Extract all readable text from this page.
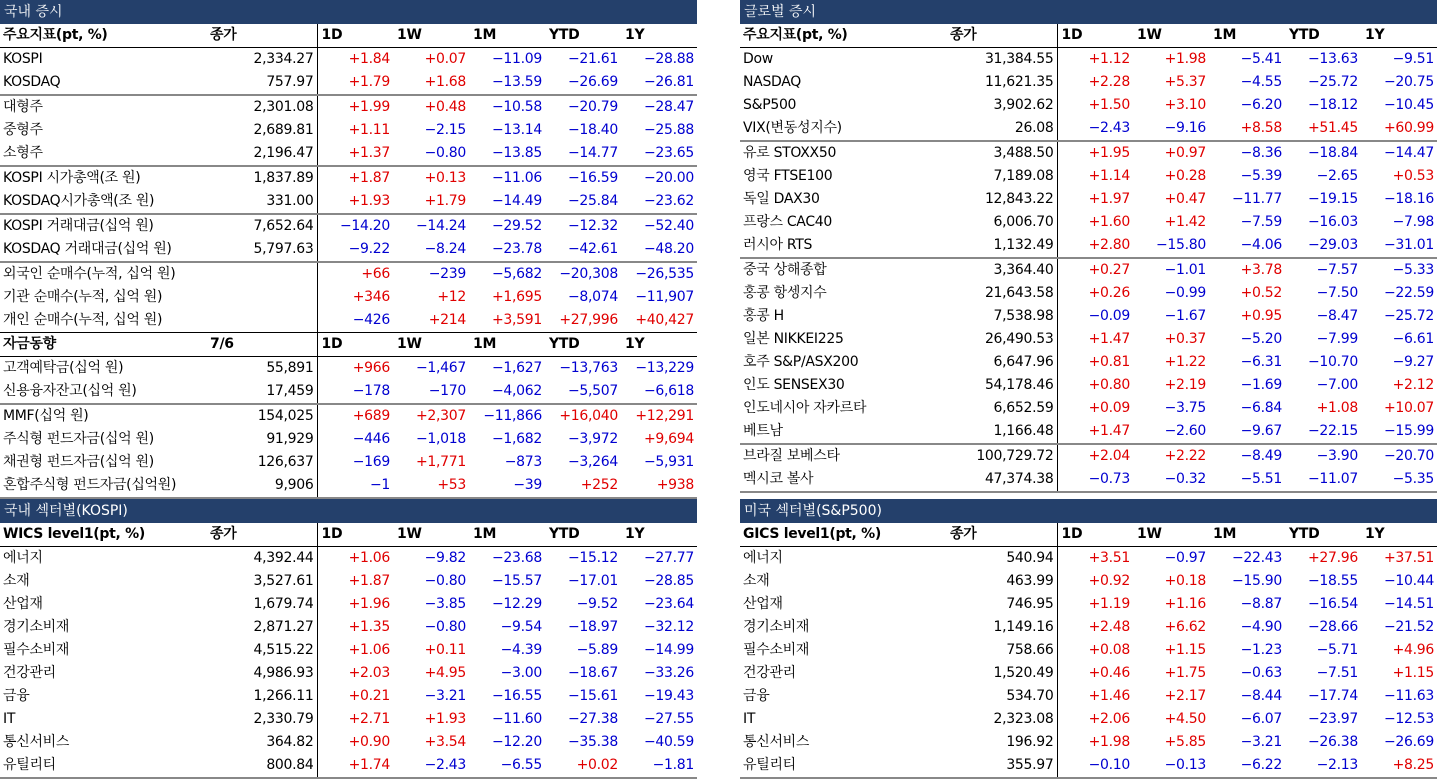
국내 증시
주요지표(pt, %)	종가	1D	1W	1M	YTD	1Y
KOSPI	2,334.27	+1.84	+0.07	−11.09	−21.61	−28.88
KOSDAQ	757.97	+1.79	+1.68	−13.59	−26.69	−26.81
대형주	2,301.08	+1.99	+0.48	−10.58	−20.79	−28.47
중형주	2,689.81	+1.11	−2.15	−13.14	−18.40	−25.88
소형주	2,196.47	+1.37	−0.80	−13.85	−14.77	−23.65
KOSPI 시가총액(조 원)	1,837.89	+1.87	+0.13	−11.06	−16.59	−20.00
KOSDAQ시가총액(조 원)	331.00	+1.93	+1.79	−14.49	−25.84	−23.62
KOSPI 거래대금(십억 원)	7,652.64	−14.20	−14.24	−29.52	−12.32	−52.40
KOSDAQ 거래대금(십억 원)	5,797.63	−9.22	−8.24	−23.78	−42.61	−48.20
외국인 순매수(누적, 십억 원)		+66	−239	−5,682	−20,308	−26,535
기관 순매수(누적, 십억 원)		+346	+12	+1,695	−8,074	−11,907
개인 순매수(누적, 십억 원)		−426	+214	+3,591	+27,996	+40,427
자금동향	7/6	1D	1W	1M	YTD	1Y
고객예탁금(십억 원)	55,891	+966	−1,467	−1,627	−13,763	−13,229
신용융자잔고(십억 원)	17,459	−178	−170	−4,062	−5,507	−6,618
MMF(십억 원)	154,025	+689	+2,307	−11,866	+16,040	+12,291
주식형 펀드자금(십억 원)	91,929	−446	−1,018	−1,682	−3,972	+9,694
채권형 펀드자금(십억 원)	126,637	−169	+1,771	−873	−3,264	−5,931
혼합주식형 펀드자금(십억원)	9,906	−1	+53	−39	+252	+938
글로벌 증시
주요지표(pt, %)	종가	1D	1W	1M	YTD	1Y
Dow	31,384.55	+1.12	+1.98	−5.41	−13.63	−9.51
NASDAQ	11,621.35	+2.28	+5.37	−4.55	−25.72	−20.75
S&P500	3,902.62	+1.50	+3.10	−6.20	−18.12	−10.45
VIX(변동성지수)	26.08	−2.43	−9.16	+8.58	+51.45	+60.99
유로 STOXX50	3,488.50	+1.95	+0.97	−8.36	−18.84	−14.47
영국 FTSE100	7,189.08	+1.14	+0.28	−5.39	−2.65	+0.53
독일 DAX30	12,843.22	+1.97	+0.47	−11.77	−19.15	−18.16
프랑스 CAC40	6,006.70	+1.60	+1.42	−7.59	−16.03	−7.98
러시아 RTS	1,132.49	+2.80	−15.80	−4.06	−29.03	−31.01
중국 상해종합	3,364.40	+0.27	−1.01	+3.78	−7.57	−5.33
홍콩 항셍지수	21,643.58	+0.26	−0.99	+0.52	−7.50	−22.59
홍콩 H	7,538.98	−0.09	−1.67	+0.95	−8.47	−25.72
일본 NIKKEI225	26,490.53	+1.47	+0.37	−5.20	−7.99	−6.61
호주 S&P/ASX200	6,647.96	+0.81	+1.22	−6.31	−10.70	−9.27
인도 SENSEX30	54,178.46	+0.80	+2.19	−1.69	−7.00	+2.12
인도네시아 자카르타	6,652.59	+0.09	−3.75	−6.84	+1.08	+10.07
베트남	1,166.48	+1.47	−2.60	−9.67	−22.15	−15.99
브라질 보베스타	100,729.72	+2.04	+2.22	−8.49	−3.90	−20.70
멕시코 볼사	47,374.38	−0.73	−0.32	−5.51	−11.07	−5.35
국내 섹터별(KOSPI)
WICS level1(pt, %)	종가	1D	1W	1M	YTD	1Y
에너지	4,392.44	+1.06	−9.82	−23.68	−15.12	−27.77
소재	3,527.61	+1.87	−0.80	−15.57	−17.01	−28.85
산업재	1,679.74	+1.96	−3.85	−12.29	−9.52	−23.64
경기소비재	2,871.27	+1.35	−0.80	−9.54	−18.97	−32.12
필수소비재	4,515.22	+1.06	+0.11	−4.39	−5.89	−14.99
건강관리	4,986.93	+2.03	+4.95	−3.00	−18.67	−33.26
금융	1,266.11	+0.21	−3.21	−16.55	−15.61	−19.43
IT	2,330.79	+2.71	+1.93	−11.60	−27.38	−27.55
통신서비스	364.82	+0.90	+3.54	−12.20	−35.38	−40.59
유틸리티	800.84	+1.74	−2.43	−6.55	+0.02	−1.81
미국 섹터별(S&P500)
GICS level1(pt, %)	종가	1D	1W	1M	YTD	1Y
에너지	540.94	+3.51	−0.97	−22.43	+27.96	+37.51
소재	463.99	+0.92	+0.18	−15.90	−18.55	−10.44
산업재	746.95	+1.19	+1.16	−8.87	−16.54	−14.51
경기소비재	1,149.16	+2.48	+6.62	−4.90	−28.66	−21.52
필수소비재	758.66	+0.08	+1.15	−1.23	−5.71	+4.96
건강관리	1,520.49	+0.46	+1.75	−0.63	−7.51	+1.15
금융	534.70	+1.46	+2.17	−8.44	−17.74	−11.63
IT	2,323.08	+2.06	+4.50	−6.07	−23.97	−12.53
통신서비스	196.92	+1.98	+5.85	−3.21	−26.38	−26.69
유틸리티	355.97	−0.10	−0.13	−6.22	−2.13	+8.25
